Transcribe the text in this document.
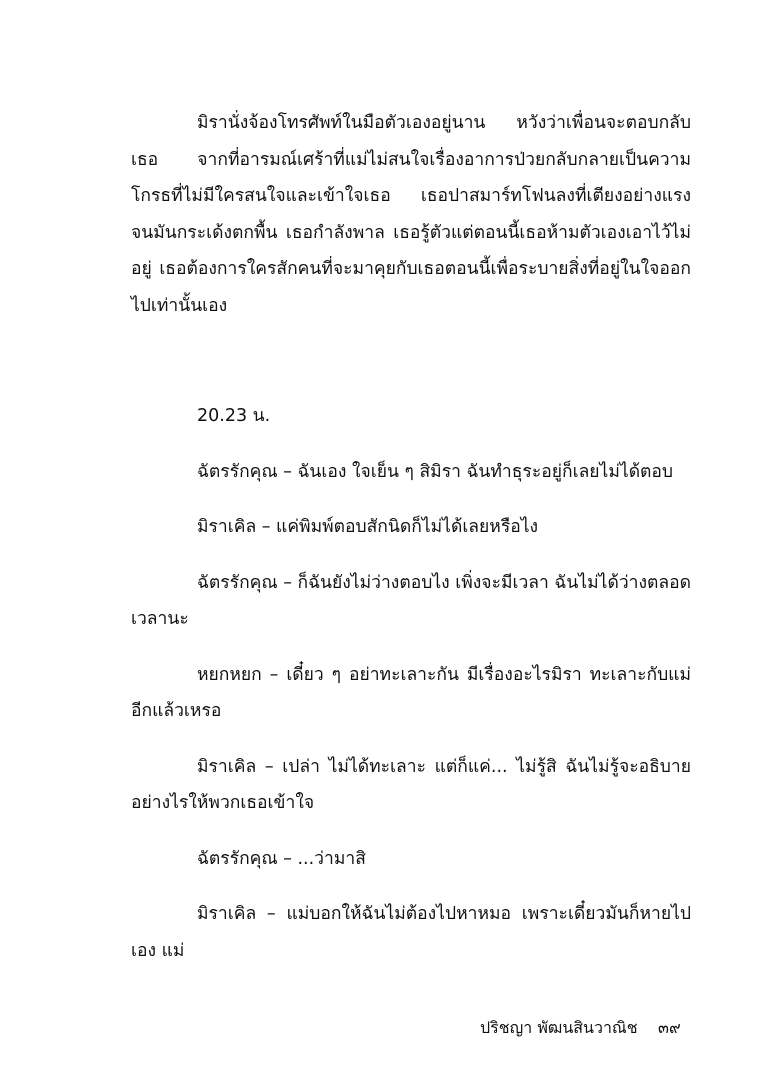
มิรานั่งจ้องโทรศัพท์ในมือตัวเองอยู่นาน หวังว่าเพื่อนจะตอบกลับเธอ จากที่อารมณ์เศร้าที่แม่ไม่สนใจเรื่องอาการป่วยกลับกลายเป็นความโกรธที่ไม่มีใครสนใจและเข้าใจเธอ เธอปาสมาร์ทโฟนลงที่เตียงอย่างแรง จนมันกระเด้งตกพื้น เธอกำลังพาล เธอรู้ตัวแต่ตอนนี้เธอห้ามตัวเองเอาไว้ไม่อยู่ เธอต้องการใครสักคนที่จะมาคุยกับเธอตอนนี้เพื่อระบายสิ่งที่อยู่ในใจออกไปเท่านั้นเอง

20.23 น.

ฉัตรรักคุณ – ฉันเอง ใจเย็น ๆ สิมิรา ฉันทำธุระอยู่ก็เลยไม่ได้ตอบ

มิราเคิล – แค่พิมพ์ตอบสักนิดก็ไม่ได้เลยหรือไง

ฉัตรรักคุณ – ก็ฉันยังไม่ว่างตอบไง เพิ่งจะมีเวลา ฉันไม่ได้ว่างตลอดเวลานะ

หยกหยก – เดี๋ยว ๆ อย่าทะเลาะกัน มีเรื่องอะไรมิรา ทะเลาะกับแม่อีกแล้วเหรอ

มิราเคิล – เปล่า ไม่ได้ทะเลาะ แต่ก็แค่... ไม่รู้สิ ฉันไม่รู้จะอธิบายอย่างไรให้พวกเธอเข้าใจ

ฉัตรรักคุณ – ...ว่ามาสิ

มิราเคิล – แม่บอกให้ฉันไม่ต้องไปหาหมอ เพราะเดี๋ยวมันก็หายไปเอง แม่

ปริชญา พัฒนสินวาณิช ๓๙
